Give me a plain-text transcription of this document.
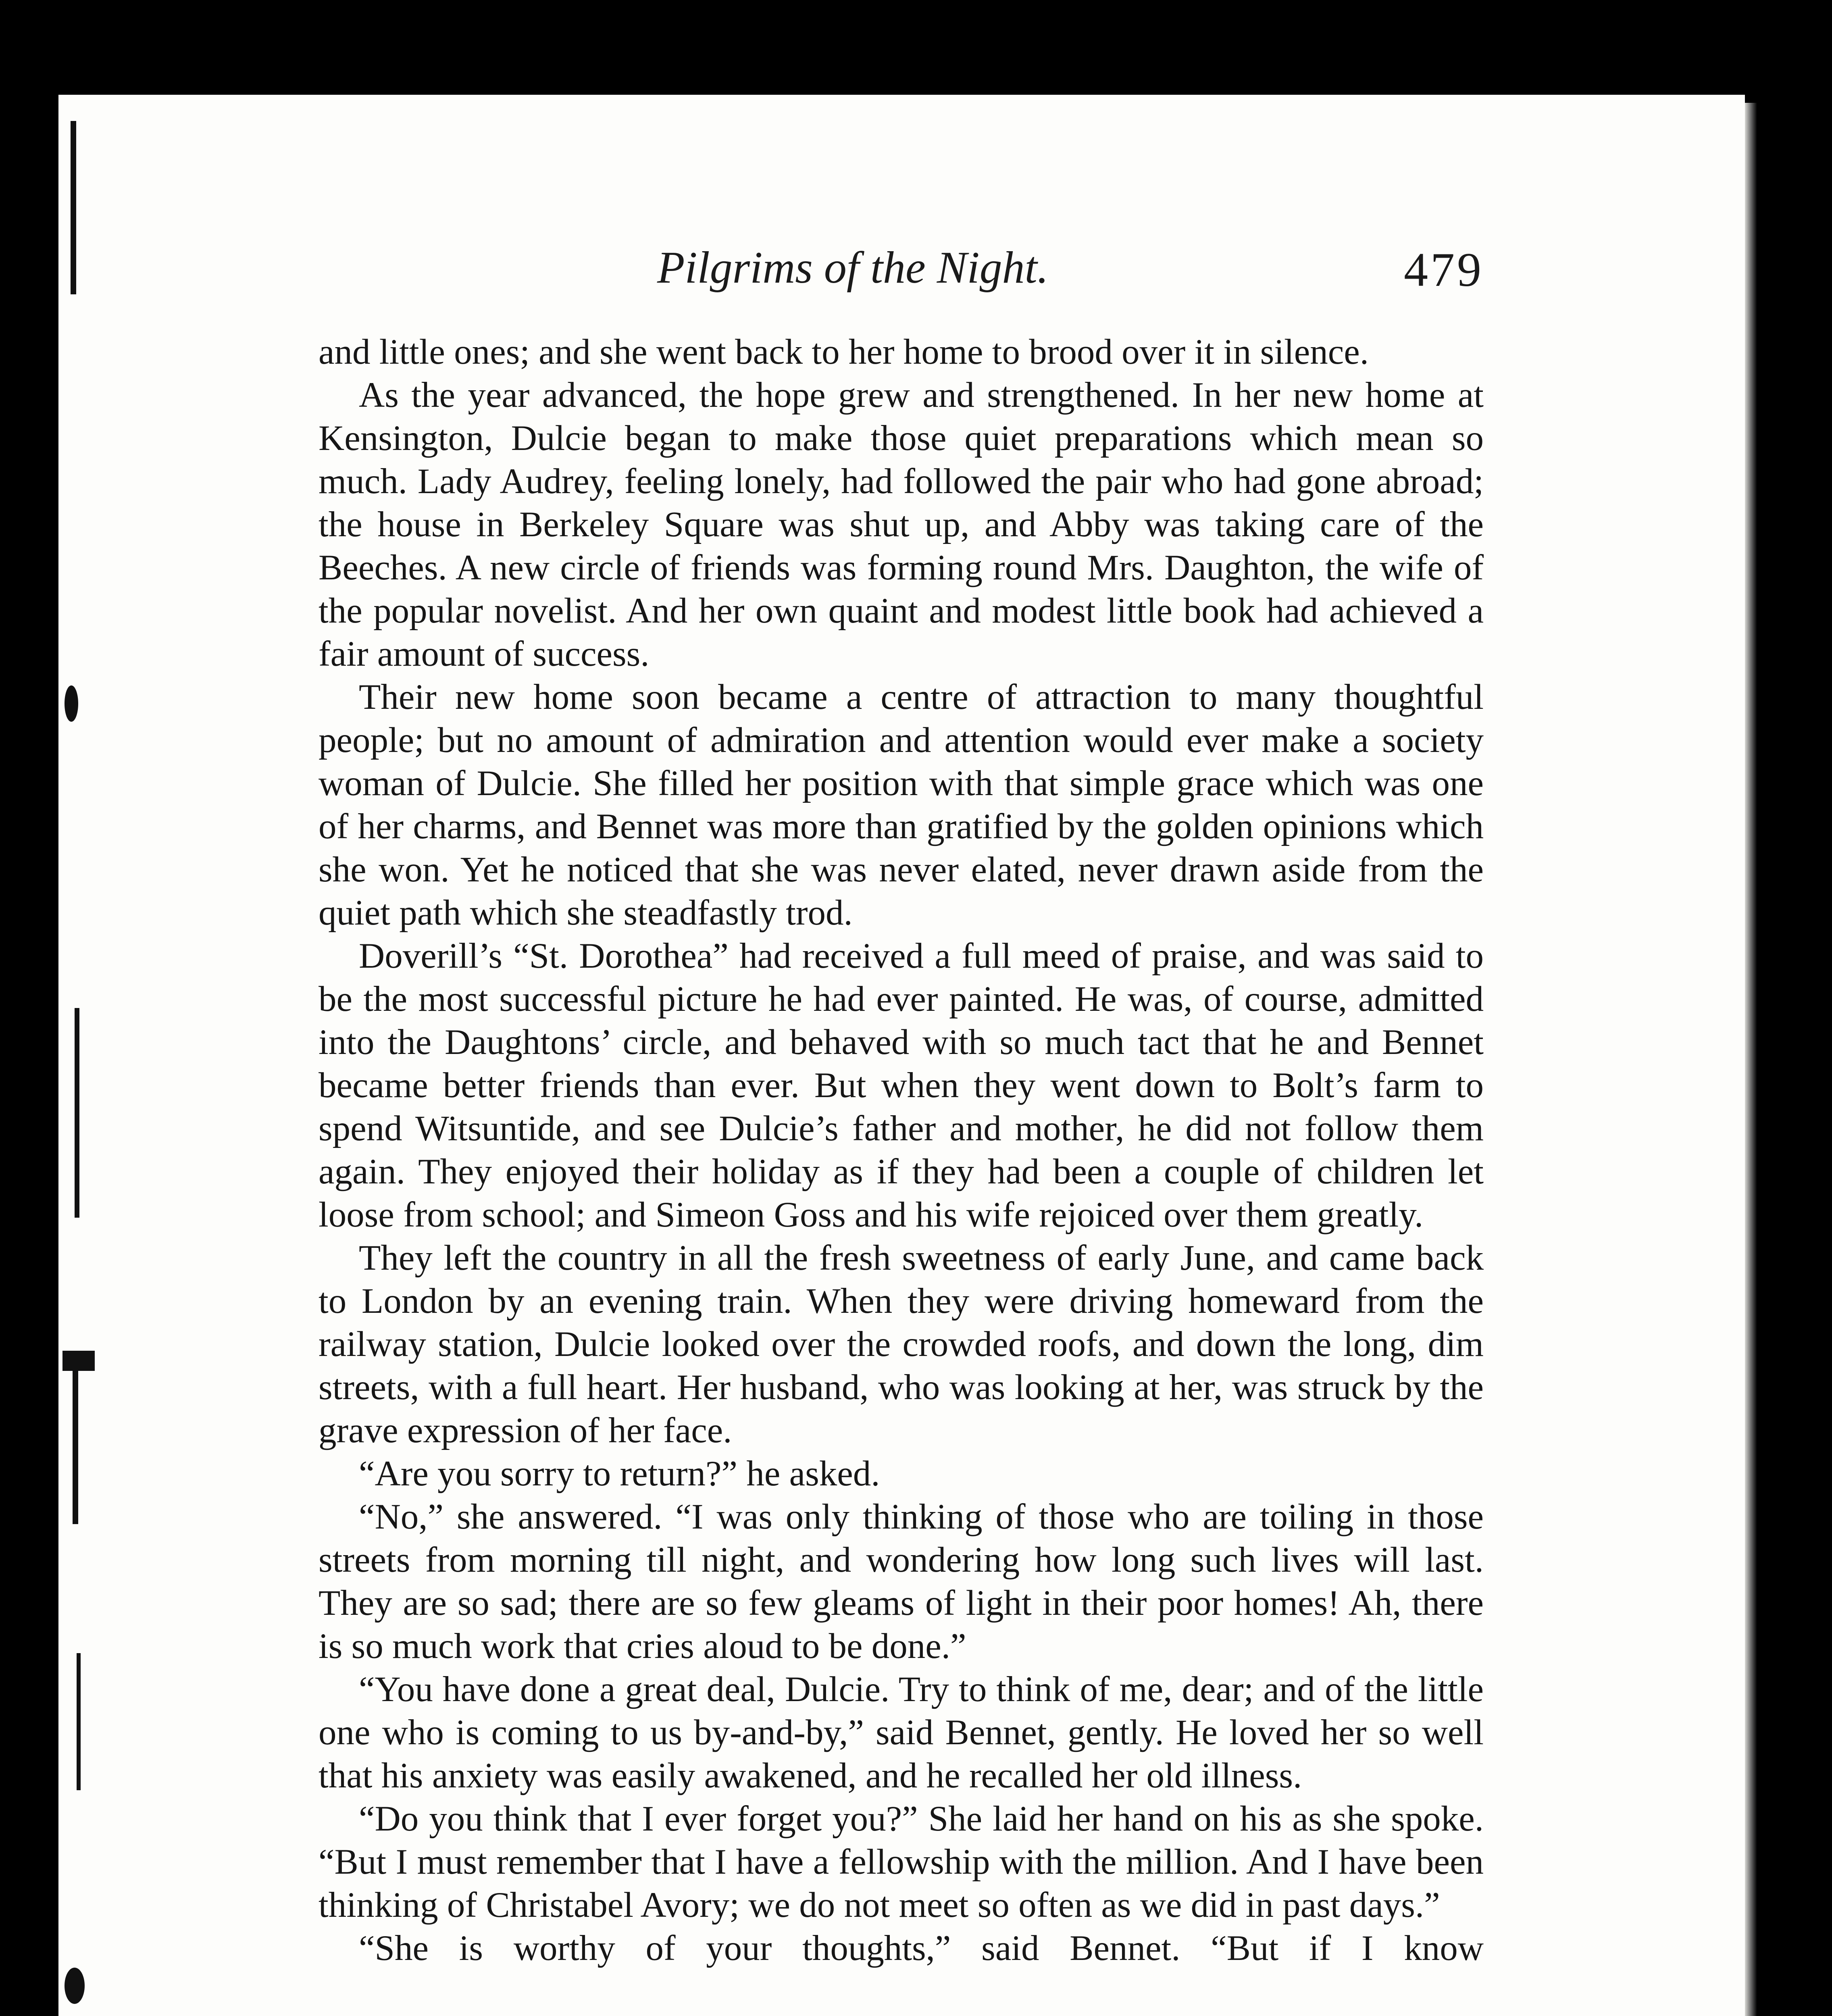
Pilgrims of the Night.	479

and little ones; and she went back to her home to brood over it in silence.

As the year advanced, the hope grew and strengthened. In her new home at Kensington, Dulcie began to make those quiet preparations which mean so much. Lady Audrey, feeling lonely, had followed the pair who had gone abroad; the house in Berkeley Square was shut up, and Abby was taking care of the Beeches. A new circle of friends was forming round Mrs. Daughton, the wife of the popular novelist. And her own quaint and modest little book had achieved a fair amount of success.

Their new home soon became a centre of attraction to many thoughtful people; but no amount of admiration and attention would ever make a society woman of Dulcie. She filled her position with that simple grace which was one of her charms, and Bennet was more than gratified by the golden opinions which she won. Yet he noticed that she was never elated, never drawn aside from the quiet path which she steadfastly trod.

Doverill’s “St. Dorothea” had received a full meed of praise, and was said to be the most successful picture he had ever painted. He was, of course, admitted into the Daughtons’ circle, and behaved with so much tact that he and Bennet became better friends than ever. But when they went down to Bolt’s farm to spend Witsuntide, and see Dulcie’s father and mother, he did not follow them again. They enjoyed their holiday as if they had been a couple of children let loose from school; and Simeon Goss and his wife rejoiced over them greatly.

They left the country in all the fresh sweetness of early June, and came back to London by an evening train. When they were driving homeward from the railway station, Dulcie looked over the crowded roofs, and down the long, dim streets, with a full heart. Her husband, who was looking at her, was struck by the grave expression of her face.

“Are you sorry to return?” he asked.

“No,” she answered. “I was only thinking of those who are toiling in those streets from morning till night, and wondering how long such lives will last. They are so sad; there are so few gleams of light in their poor homes! Ah, there is so much work that cries aloud to be done.”

“You have done a great deal, Dulcie. Try to think of me, dear; and of the little one who is coming to us by-and-by,” said Bennet, gently. He loved her so well that his anxiety was easily awakened, and he recalled her old illness.

“Do you think that I ever forget you?” She laid her hand on his as she spoke. “But I must remember that I have a fellowship with the million. And I have been thinking of Christabel Avory; we do not meet so often as we did in past days.”

“She is worthy of your thoughts,” said Bennet. “But if I know
